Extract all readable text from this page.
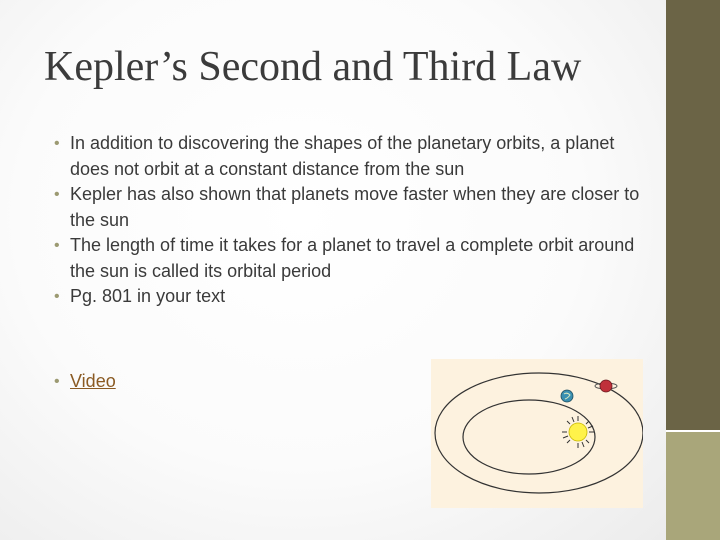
Kepler’s Second and Third Law
• In addition to discovering the shapes of the planetary orbits, a planet does not orbit at a constant distance from the sun
• Kepler has also shown that planets move faster when they are closer to the sun
• The length of time it takes for a planet to travel a complete orbit around the sun is called its orbital period
• Pg. 801 in your text
• Video
